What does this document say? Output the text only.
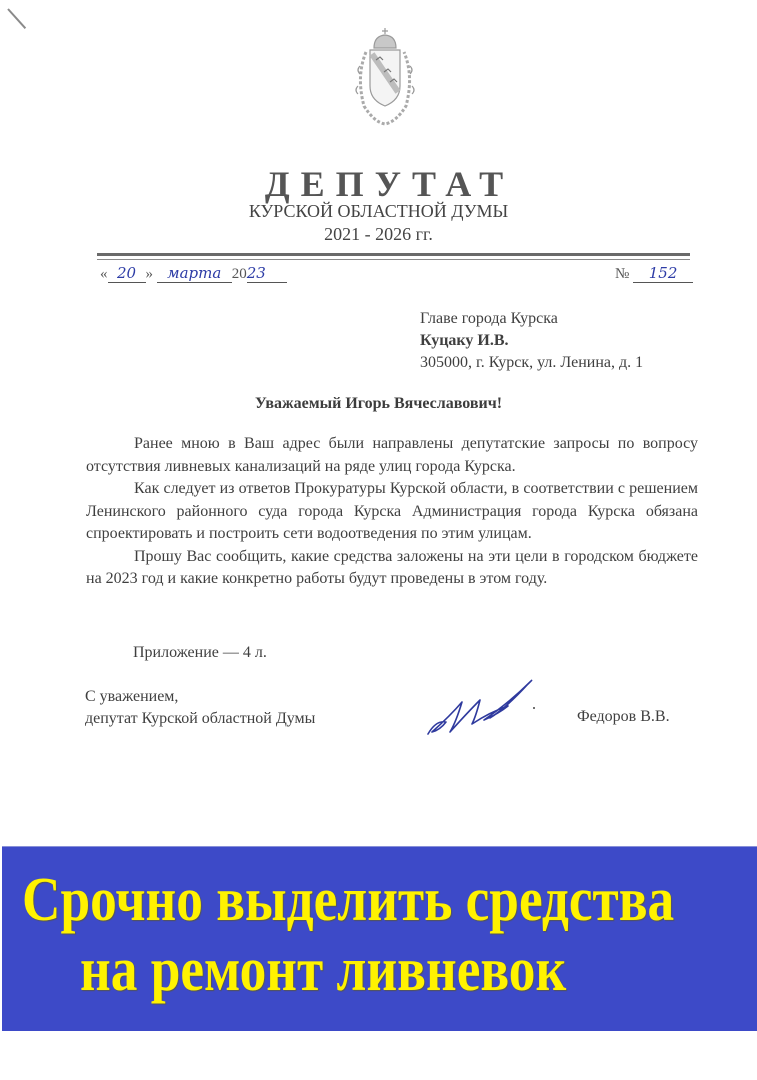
ДЕПУТАТ
КУРСКОЙ ОБЛАСТНОЙ ДУМЫ
2021 - 2026 гг.
« 20 » марта 2023	№ 152
Главе города Курска
Куцаку И.В.
305000, г. Курск, ул. Ленина, д. 1
Уважаемый Игорь Вячеславович!

Ранее мною в Ваш адрес были направлены депутатские запросы по вопросу отсутствия ливневых канализаций на ряде улиц города Курска.

Как следует из ответов Прокуратуры Курской области, в соответствии с решением Ленинского районного суда города Курска Администрация города Курска обязана спроектировать и построить сети водоотведения по этим улицам.

Прошу Вас сообщить, какие средства заложены на эти цели в городском бюджете на 2023 год и какие конкретно работы будут проведены в этом году.

Приложение — 4 л.
С уважением,
депутат Курской областной Думы	Федоров В.В.
Срочно выделить средства
на ремонт ливневок
